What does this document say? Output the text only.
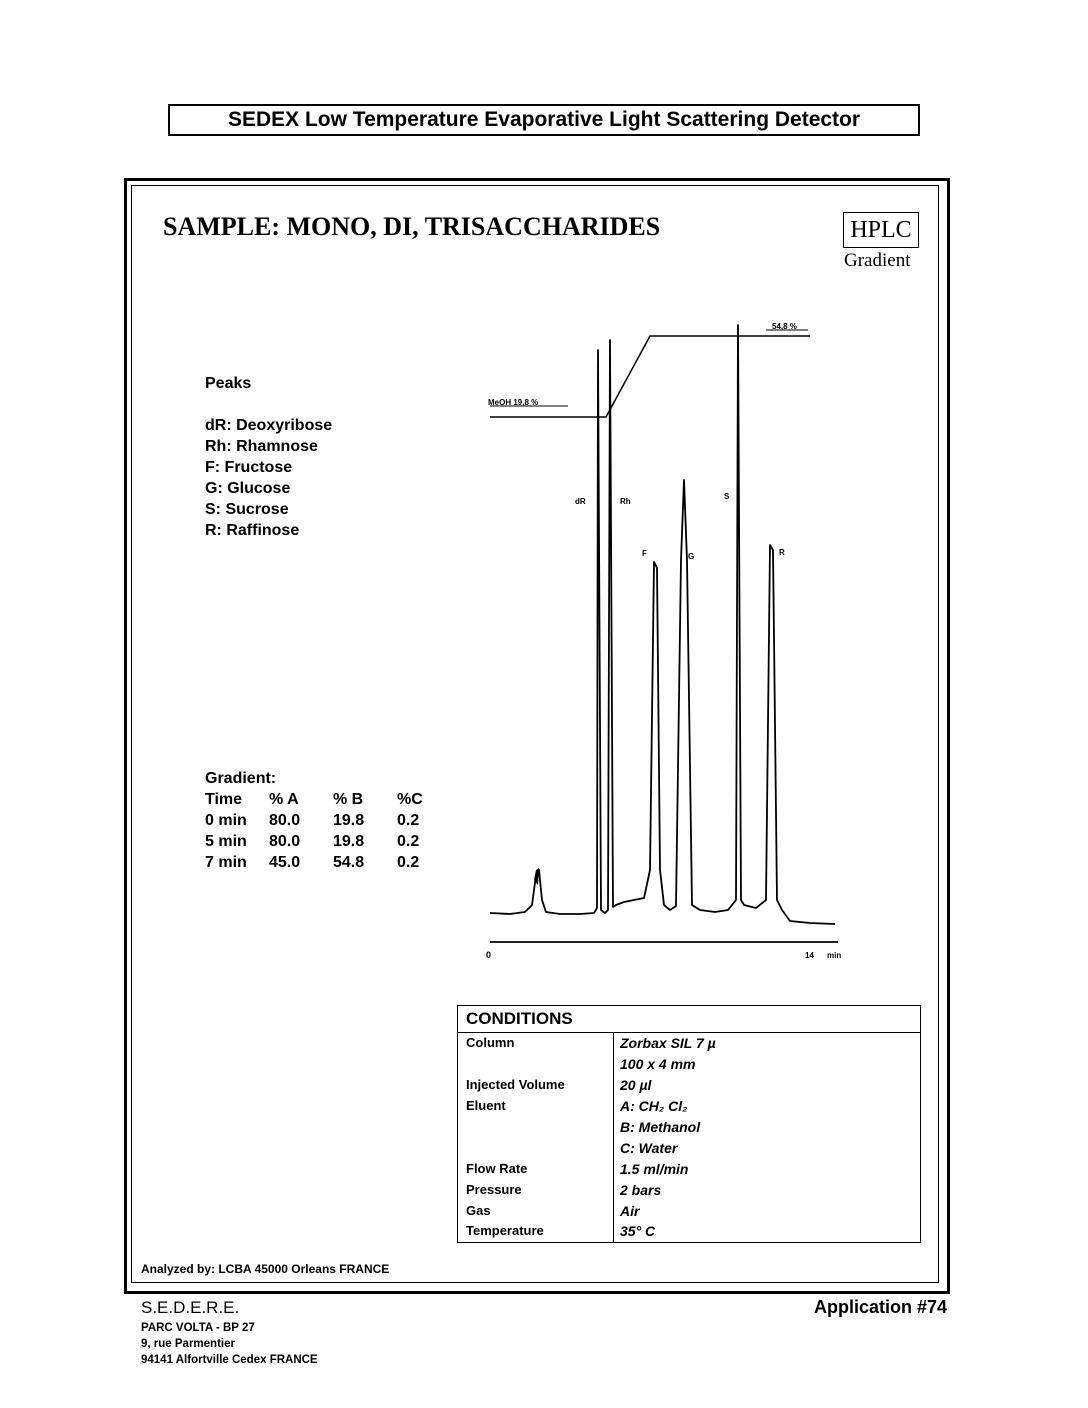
SEDEX Low Temperature Evaporative Light Scattering Detector
SAMPLE: MONO, DI, TRISACCHARIDES	HPLC
Gradient
Peaks
dR: Deoxyribose
Rh: Rhamnose
F: Fructose
G: Glucose
S: Sucrose
R: Raffinose
Gradient:
Time	% A	% B	%C
0 min	80.0	19.8	0.2
5 min	80.0	19.8	0.2
7 min	45.0	54.8	0.2
MeOH 19,8 %
54,8 %
dR	Rh
F	G
S
R
0	14 min
CONDITIONS
Column	Zorbax SIL 7 µ
100 x 4 mm
Injected Volume	20 µl
Eluent	A: CH₂ Cl₂
B: Methanol
C: Water
Flow Rate	1.5 ml/min
Pressure	2 bars
Gas	Air
Temperature	35° C
Analyzed by: LCBA 45000 Orleans FRANCE
S.E.D.E.R.E.
PARC VOLTA - BP 27
9, rue Parmentier
94141 Alfortville Cedex FRANCE
Application #74
